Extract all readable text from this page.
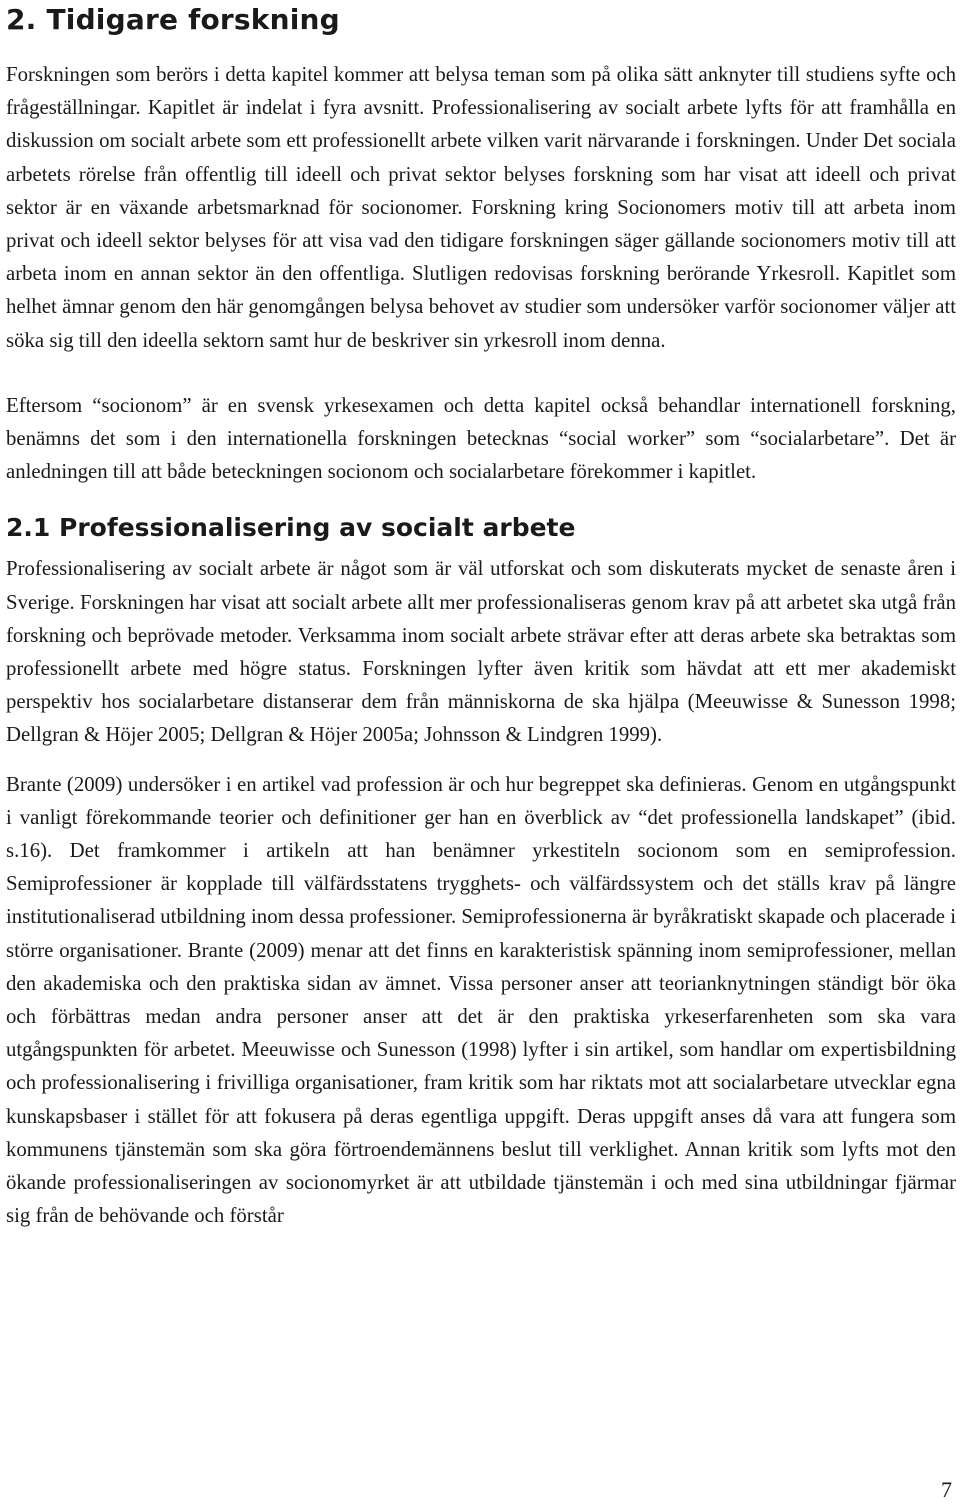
2. Tidigare forskning

Forskningen som berörs i detta kapitel kommer att belysa teman som på olika sätt anknyter till studiens syfte och frågeställningar. Kapitlet är indelat i fyra avsnitt. Professionalisering av socialt arbete lyfts för att framhålla en diskussion om socialt arbete som ett professionellt arbete vilken varit närvarande i forskningen. Under Det sociala arbetets rörelse från offentlig till ideell och privat sektor belyses forskning som har visat att ideell och privat sektor är en växande arbetsmarknad för socionomer. Forskning kring Socionomers motiv till att arbeta inom privat och ideell sektor belyses för att visa vad den tidigare forskningen säger gällande socionomers motiv till att arbeta inom en annan sektor än den offentliga. Slutligen redovisas forskning berörande Yrkesroll. Kapitlet som helhet ämnar genom den här genomgången belysa behovet av studier som undersöker varför socionomer väljer att söka sig till den ideella sektorn samt hur de beskriver sin yrkesroll inom denna.

Eftersom “socionom” är en svensk yrkesexamen och detta kapitel också behandlar internationell forskning, benämns det som i den internationella forskningen betecknas “social worker” som “socialarbetare”. Det är anledningen till att både beteckningen socionom och socialarbetare förekommer i kapitlet.

2.1 Professionalisering av socialt arbete

Professionalisering av socialt arbete är något som är väl utforskat och som diskuterats mycket de senaste åren i Sverige. Forskningen har visat att socialt arbete allt mer professionaliseras genom krav på att arbetet ska utgå från forskning och beprövade metoder. Verksamma inom socialt arbete strävar efter att deras arbete ska betraktas som professionellt arbete med högre status. Forskningen lyfter även kritik som hävdat att ett mer akademiskt perspektiv hos socialarbetare distanserar dem från människorna de ska hjälpa (Meeuwisse & Sunesson 1998; Dellgran & Höjer 2005; Dellgran & Höjer 2005a; Johnsson & Lindgren 1999).

Brante (2009) undersöker i en artikel vad profession är och hur begreppet ska definieras. Genom en utgångspunkt i vanligt förekommande teorier och definitioner ger han en överblick av “det professionella landskapet” (ibid. s.16). Det framkommer i artikeln att han benämner yrkestiteln socionom som en semiprofession. Semiprofessioner är kopplade till välfärdsstatens trygghets- och välfärdssystem och det ställs krav på längre institutionaliserad utbildning inom dessa professioner. Semiprofessionerna är byråkratiskt skapade och placerade i större organisationer. Brante (2009) menar att det finns en karakteristisk spänning inom semiprofessioner, mellan den akademiska och den praktiska sidan av ämnet. Vissa personer anser att teorianknytningen ständigt bör öka och förbättras medan andra personer anser att det är den praktiska yrkeserfarenheten som ska vara utgångspunkten för arbetet. Meeuwisse och Sunesson (1998) lyfter i sin artikel, som handlar om expertisbildning och professionalisering i frivilliga organisationer, fram kritik som har riktats mot att socialarbetare utvecklar egna kunskapsbaser i stället för att fokusera på deras egentliga uppgift. Deras uppgift anses då vara att fungera som kommunens tjänstemän som ska göra förtroendemännens beslut till verklighet. Annan kritik som lyfts mot den ökande professionaliseringen av socionomyrket är att utbildade tjänstemän i och med sina utbildningar fjärmar sig från de behövande och förstår

7
